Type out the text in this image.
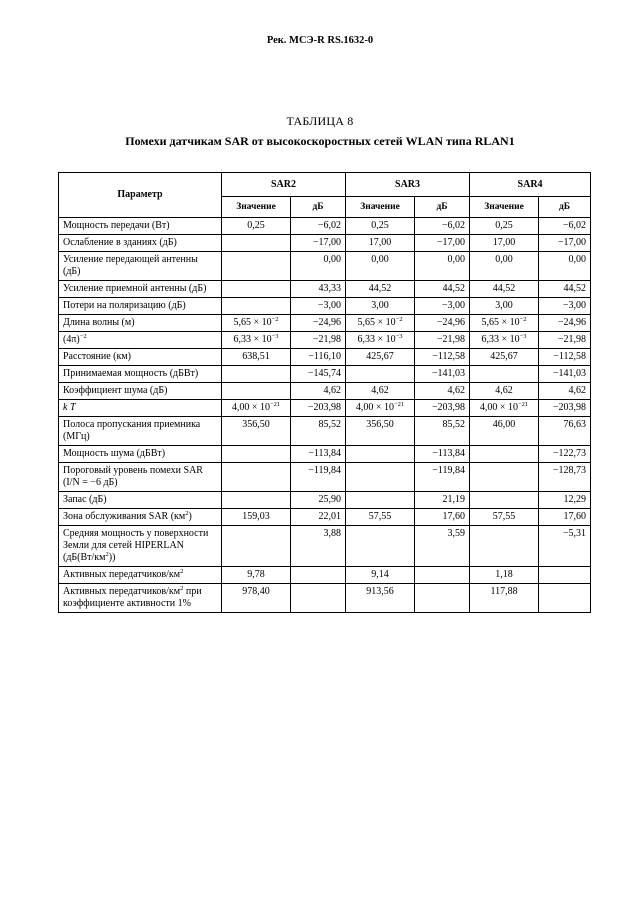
Рек. МСЭ-R RS.1632-0
ТАБЛИЦА 8
Помехи датчикам SAR от высокоскоростных сетей WLAN типа RLAN1
Параметр	SAR2		SAR3		SAR4	
	Значение	дБ	Значение	дБ	Значение	дБ
Мощность передачи (Вт)	0,25	−6,02	0,25	−6,02	0,25	−6,02
Ослабление в зданиях (дБ)		−17,00	17,00	−17,00	17,00	−17,00
Усиление передающей антенны (дБ)		0,00	0,00	0,00	0,00	0,00
Усиление приемной антенны (дБ)		43,33	44,52	44,52	44,52	44,52
Потери на поляризацию (дБ)		−3,00	3,00	−3,00	3,00	−3,00
Длина волны (м)	$5,65 \times 10^{-2}$	−24,96	$5,65 \times 10^{-2}$	−24,96	$5,65 \times 10^{-2}$	−24,96
$(4\pi)^{-2}$	$6,33 \times 10^{-3}$	−21,98	$6,33 \times 10^{-3}$	−21,98	$6,33 \times 10^{-3}$	−21,98
Расстояние (км)	638,51	−116,10	425,67	−112,58	425,67	−112,58
Принимаемая мощность (дБВт)		−145,74		−141,03		−141,03
Коэффициент шума (дБ)		4,62	4,62	4,62	4,62	4,62
k T	$4,00 \times 10^{-21}$	−203,98	$4,00 \times 10^{-21}$	−203,98	$4,00 \times 10^{-21}$	−203,98
Полоса пропускания приемника (МГц)	356,50	85,52	356,50	85,52	46,00	76,63
Мощность шума (дБВт)		−113,84		−113,84		−122,73
Пороговый уровень помехи SAR (I/N = −6 дБ)		−119,84		−119,84		−128,73
Запас (дБ)		25,90		21,19		12,29
Зона обслуживания SAR $(км^2)$	159,03	22,01	57,55	17,60	57,55	17,60
Средняя мощность у поверхности Земли для сетей HIPERLAN $(дБ(Вт/км^2))$		3,88		3,59		−5,31
Активных передатчиков/$км^2$	9,78		9,14		1,18	
Активных передатчиков/$км^2$ при коэффициенте активности 1%	978,40		913,56		117,88	
